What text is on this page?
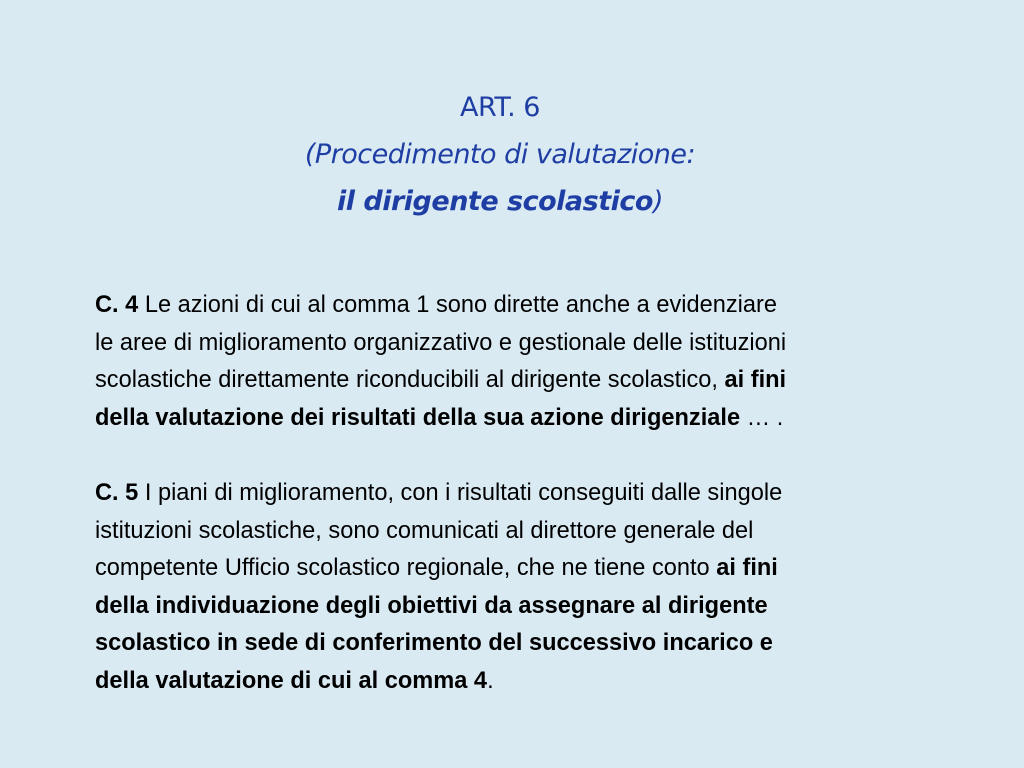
ART. 6
(Procedimento di valutazione:
il dirigente scolastico)
C. 4 Le azioni di cui al comma 1 sono dirette anche a evidenziare
le aree di miglioramento organizzativo e gestionale delle istituzioni
scolastiche direttamente riconducibili al dirigente scolastico, ai fini
della valutazione dei risultati della sua azione dirigenziale … .
C. 5 I piani di miglioramento, con i risultati conseguiti dalle singole
istituzioni scolastiche, sono comunicati al direttore generale del
competente Ufficio scolastico regionale, che ne tiene conto ai fini
della individuazione degli obiettivi da assegnare al dirigente
scolastico in sede di conferimento del successivo incarico e
della valutazione di cui al comma 4.
